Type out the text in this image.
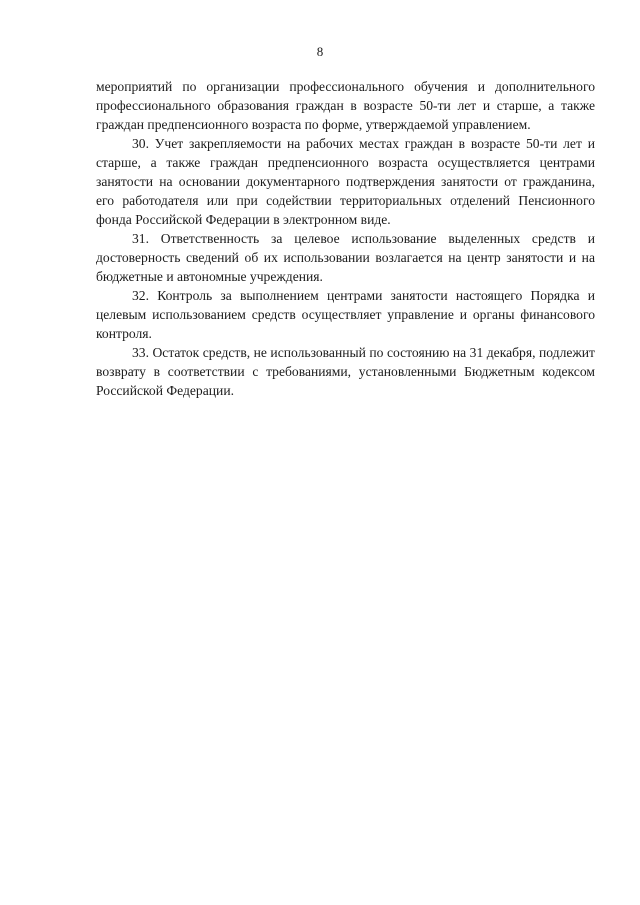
8

мероприятий по организации профессионального обучения и дополнительного профессионального образования граждан в возрасте 50-ти лет и старше, а также граждан предпенсионного возраста по форме, утверждаемой управлением.

30. Учет закрепляемости на рабочих местах граждан в возрасте 50-ти лет и старше, а также граждан предпенсионного возраста осуществляется центрами занятости на основании документарного подтверждения занятости от гражданина, его работодателя или при содействии территориальных отделений Пенсионного фонда Российской Федерации в электронном виде.

31. Ответственность за целевое использование выделенных средств и достоверность сведений об их использовании возлагается на центр занятости и на бюджетные и автономные учреждения.

32. Контроль за выполнением центрами занятости настоящего Порядка и целевым использованием средств осуществляет управление и органы финансового контроля.

33. Остаток средств, не использованный по состоянию на 31 декабря, подлежит возврату в соответствии с требованиями, установленными Бюджетным кодексом Российской Федерации.
